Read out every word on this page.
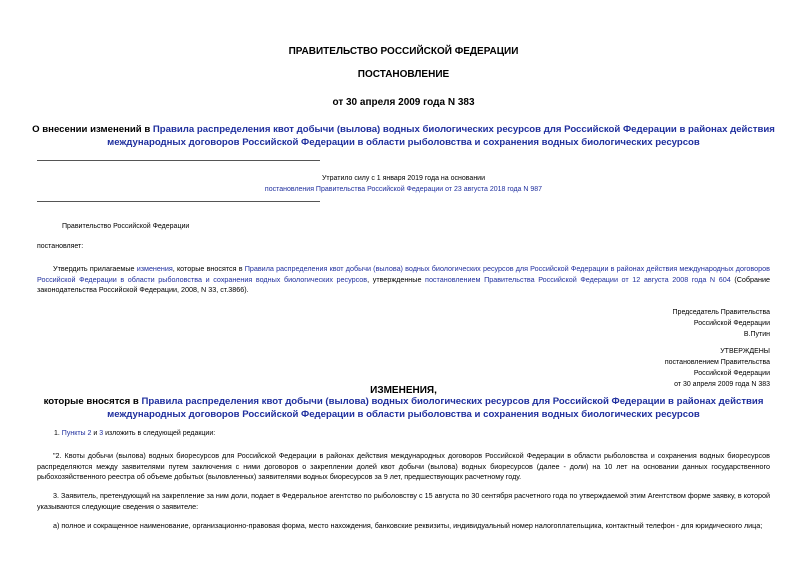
ПРАВИТЕЛЬСТВО РОССИЙСКОЙ ФЕДЕРАЦИИ
ПОСТАНОВЛЕНИЕ
от 30 апреля 2009 года N 383
О внесении изменений в Правила распределения квот добычи (вылова) водных биологических ресурсов для Российской Федерации в районах действия международных договоров Российской Федерации в области рыболовства и сохранения водных биологических ресурсов
Утратило силу с 1 января 2019 года на основании
постановления Правительства Российской Федерации от 23 августа 2018 года N 987
Правительство Российской Федерации
постановляет:
Утвердить прилагаемые изменения, которые вносятся в Правила распределения квот добычи (вылова) водных биологических ресурсов для Российской Федерации в районах действия международных договоров Российской Федерации в области рыболовства и сохранения водных биологических ресурсов, утвержденные постановлением Правительства Российской Федерации от 12 августа 2008 года N 604 (Собрание законодательства Российской Федерации, 2008, N 33, ст.3866).
Председатель Правительства
Российской Федерации
В.Путин
УТВЕРЖДЕНЫ
постановлением Правительства
Российской Федерации
от 30 апреля 2009 года N 383
ИЗМЕНЕНИЯ,
которые вносятся в Правила распределения квот добычи (вылова) водных биологических ресурсов для Российской Федерации в районах действия международных договоров Российской Федерации в области рыболовства и сохранения водных биологических ресурсов
1. Пункты 2 и 3 изложить в следующей редакции:
"2. Квоты добычи (вылова) водных биоресурсов для Российской Федерации в районах действия международных договоров Российской Федерации в области рыболовства и сохранения водных биоресурсов распределяются между заявителями путем заключения с ними договоров о закреплении долей квот добычи (вылова) водных биоресурсов (далее - доли) на 10 лет на основании данных государственного рыбохозяйственного реестра об объеме добытых (выловленных) заявителями водных биоресурсов за 9 лет, предшествующих расчетному году.
3. Заявитель, претендующий на закрепление за ним доли, подает в Федеральное агентство по рыболовству с 15 августа по 30 сентября расчетного года по утверждаемой этим Агентством форме заявку, в которой указываются следующие сведения о заявителе:
а) полное и сокращенное наименование, организационно-правовая форма, место нахождения, банковские реквизиты, индивидуальный номер налогоплательщика, контактный телефон - для юридического лица;
